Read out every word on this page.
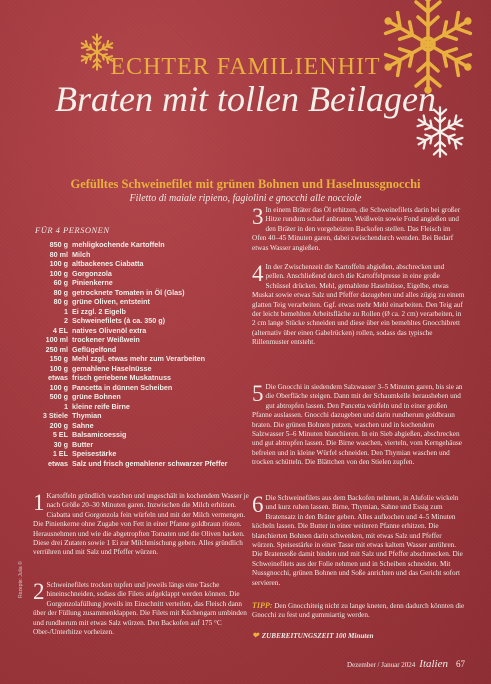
ECHTER FAMILIENHIT
Braten mit tollen Beilagen
Gefülltes Schweinefilet mit grünen Bohnen und Haselnussgnocchi
Filetto di maiale ripieno, fagiolini e gnocchi alle nocciole
FÜR 4 PERSONEN
850 g mehligkochende Kartoffeln
80 ml Milch
100 g altbackenes Ciabatta
100 g Gorgonzola
60 g Pinienkerne
80 g getrocknete Tomaten in Öl (Glas)
80 g grüne Oliven, entsteint
1 Ei zzgl. 2 Eigelb
2 Schweinefilets (à ca. 350 g)
4 EL natives Olivenöl extra
100 ml trockener Weißwein
250 ml Geflügelfond
150 g Mehl zzgl. etwas mehr zum Verarbeiten
100 g gemahlene Haselnüsse
etwas frisch geriebene Muskatnuss
100 g Pancetta in dünnen Scheiben
500 g grüne Bohnen
1 kleine reife Birne
3 Stiele Thymian
200 g Sahne
5 EL Balsamicoessig
30 g Butter
1 EL Speisestärke
etwas Salz und frisch gemahlener schwarzer Pfeffer
1 Kartoffeln gründlich waschen und ungeschält in kochendem Wasser je nach Größe 20–30 Minuten garen. Inzwischen die Milch erhitzen. Ciabatta und Gorgonzola fein würfeln und mit der Milch vermengen. Die Pinienkerne ohne Zugabe von Fett in einer Pfanne goldbraun rösten. Herausnehmen und wie die abgetropften Tomaten und die Oliven hacken. Diese drei Zutaten sowie 1 Ei zur Milchmischung geben. Alles gründlich verrühren und mit Salz und Pfeffer würzen.
2 Schweinefilets trocken tupfen und jeweils längs eine Tasche hineinschneiden, sodass die Filets aufgeklappt werden können. Die Gorgonzolafüllung jeweils im Einschnitt verteilen, das Fleisch dann über der Füllung zusammenklappen. Die Filets mit Küchengarn umbinden und rundherum mit etwas Salz würzen. Den Backofen auf 175 °C Ober-/Unterhitze vorheizen.
3 In einem Bräter das Öl erhitzen, die Schweinefilets darin bei großer Hitze rundum scharf anbraten. Weißwein sowie Fond angießen und den Bräter in den vorgeheizten Backofen stellen. Das Fleisch im Ofen 40–45 Minuten garen, dabei zwischendurch wenden. Bei Bedarf etwas Wasser angießen.
4 In der Zwischenzeit die Kartoffeln abgießen, abschrecken und pellen. Anschließend durch die Kartoffelpresse in eine große Schüssel drücken. Mehl, gemahlene Haselnüsse, Eigelbe, etwas Muskat sowie etwas Salz und Pfeffer dazugeben und alles zügig zu einem glatten Teig verarbeiten. Ggf. etwas mehr Mehl einarbeiten. Den Teig auf der leicht bemehlten Arbeitsfläche zu Rollen (Ø ca. 2 cm) verarbeiten, in 2 cm lange Stücke schneiden und diese über ein bemehltes Gnocchibrett (alternativ über einen Gabelrücken) rollen, sodass das typische Rillenmuster entsteht.
5 Die Gnocchi in siedendem Salzwasser 3–5 Minuten garen, bis sie an die Oberfläche steigen. Dann mit der Schaumkelle herausheben und gut abtropfen lassen. Den Pancetta würfeln und in einer großen Pfanne auslassen. Gnocchi dazugeben und darin rundherum goldbraun braten. Die grünen Bohnen putzen, waschen und in kochendem Salzwasser 5–6 Minuten blanchieren. In ein Sieb abgießen, abschrecken und gut abtropfen lassen. Die Birne waschen, vierteln, vom Kerngehäuse befreien und in kleine Würfel schneiden. Den Thymian waschen und trocken schütteln. Die Blättchen von den Stielen zupfen.
6 Die Schweinefilets aus dem Backofen nehmen, in Alufolie wickeln und kurz ruhen lassen. Birne, Thymian, Sahne und Essig zum Bratensatz in den Bräter geben. Alles aufkochen und 4–5 Minuten köcheln lassen. Die Butter in einer weiteren Pfanne erhitzen. Die blanchierten Bohnen darin schwenken, mit etwas Salz und Pfeffer würzen. Speisestärke in einer Tasse mit etwas kaltem Wasser anrühren. Die Bratensoße damit binden und mit Salz und Pfeffer abschmecken. Die Schweinefilets aus der Folie nehmen und in Scheiben schneiden. Mit Nussgnocchi, grünen Bohnen und Soße anrichten und das Gericht sofort servieren.
TIPP: Den Gnocchiteig nicht zu lange kneten, denn dadurch könnten die Gnocchi zu fest und gummiartig werden.
❤ ZUBEREITUNGSZEIT 100 Minuten
Rezepte: Julia ©
Dezember / Januar 2024 Italien 67
